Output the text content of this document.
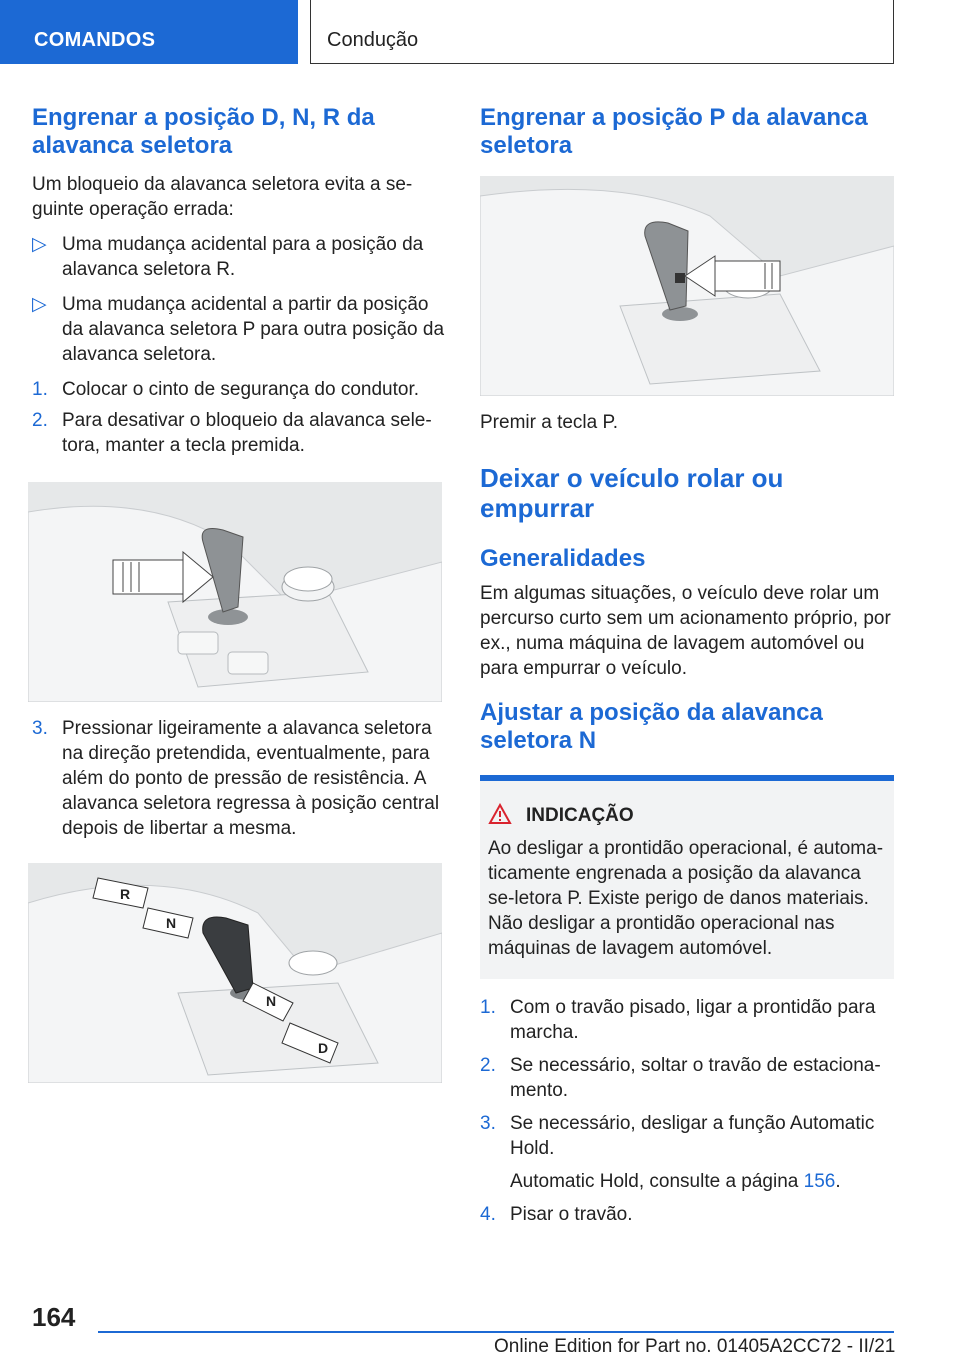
COMANDOS	Condução
Engrenar a posição D, N, R da alavanca seletora

Um bloqueio da alavanca seletora evita a se-guinte operação errada:

▷ Uma mudança acidental para a posição da alavanca seletora R.
▷ Uma mudança acidental a partir da posição da alavanca seletora P para outra posição da alavanca seletora.
1. Colocar o cinto de segurança do condutor.
2. Para desativar o bloqueio da alavanca sele-tora, manter a tecla premida.
3. Pressionar ligeiramente a alavanca seletora na direção pretendida, eventualmente, para além do ponto de pressão de resistência. A alavanca seletora regressa à posição central depois de libertar a mesma.
R
N
N
D
Engrenar a posição P da alavanca seletora

Premir a tecla P.

Deixar o veículo rolar ou empurrar
Generalidades

Em algumas situações, o veículo deve rolar um percurso curto sem um acionamento próprio, por ex., numa máquina de lavagem automóvel ou para empurrar o veículo.

Ajustar a posição da alavanca seletora N
INDICAÇÃO

Ao desligar a prontidão operacional, é automa-ticamente engrenada a posição da alavanca se-letora P. Existe perigo de danos materiais. Não desligar a prontidão operacional nas máquinas de lavagem automóvel.

1. Com o travão pisado, ligar a prontidão para marcha.
2. Se necessário, soltar o travão de estaciona-mento.
3. Se necessário, desligar a função Automatic Hold.
Automatic Hold, consulte a página 156.
4. Pisar o travão.
164
Online Edition for Part no. 01405A2CC72 - II/21
